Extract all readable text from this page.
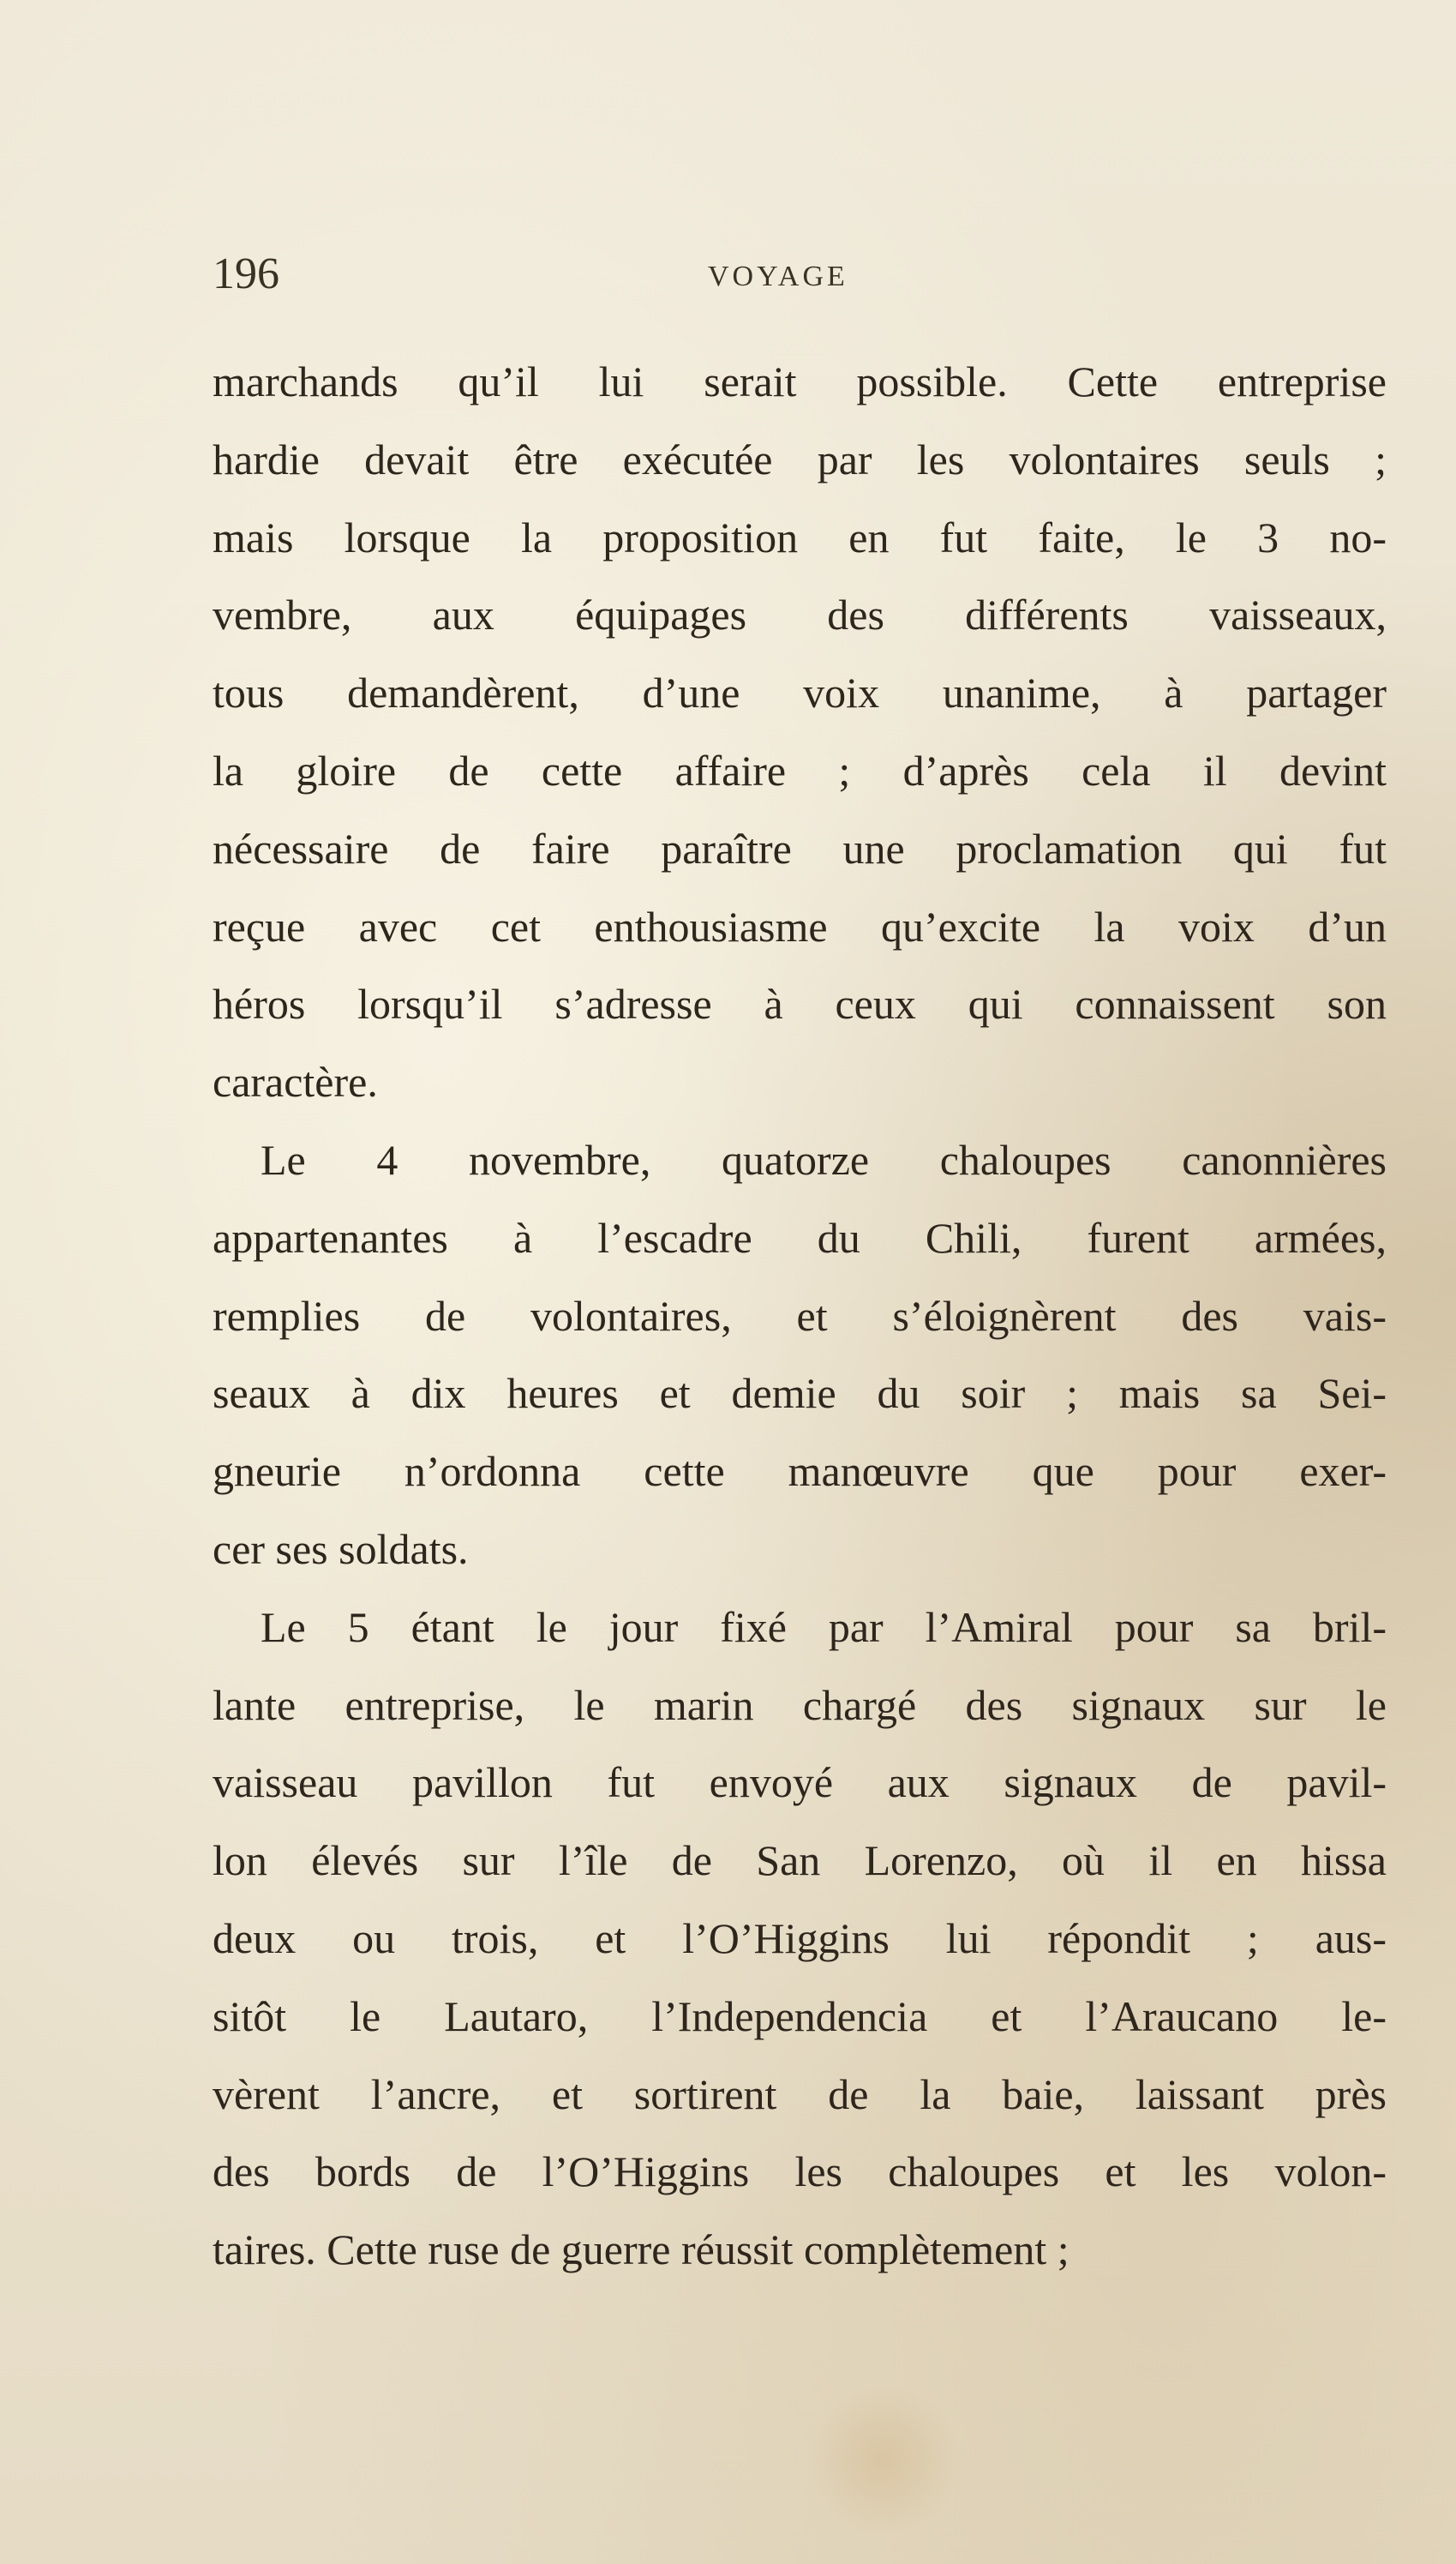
196	VOYAGE
marchands qu’il lui serait possible. Cette entreprise
hardie devait être exécutée par les volontaires seuls ;
mais lorsque la proposition en fut faite, le 3 no-
vembre, aux équipages des différents vaisseaux,
tous demandèrent, d’une voix unanime, à partager
la gloire de cette affaire ; d’après cela il devint
nécessaire de faire paraître une proclamation qui fut
reçue avec cet enthousiasme qu’excite la voix d’un
héros lorsqu’il s’adresse à ceux qui connaissent son
caractère.
Le 4 novembre, quatorze chaloupes canonnières
appartenantes à l’escadre du Chili, furent armées,
remplies de volontaires, et s’éloignèrent des vais-
seaux à dix heures et demie du soir ; mais sa Sei-
gneurie n’ordonna cette manœuvre que pour exer-
cer ses soldats.
Le 5 étant le jour fixé par l’Amiral pour sa bril-
lante entreprise, le marin chargé des signaux sur le
vaisseau pavillon fut envoyé aux signaux de pavil-
lon élevés sur l’île de San Lorenzo, où il en hissa
deux ou trois, et l’O’Higgins lui répondit ; aus-
sitôt le Lautaro, l’Independencia et l’Araucano le-
vèrent l’ancre, et sortirent de la baie, laissant près
des bords de l’O’Higgins les chaloupes et les volon-
taires. Cette ruse de guerre réussit complètement ;
